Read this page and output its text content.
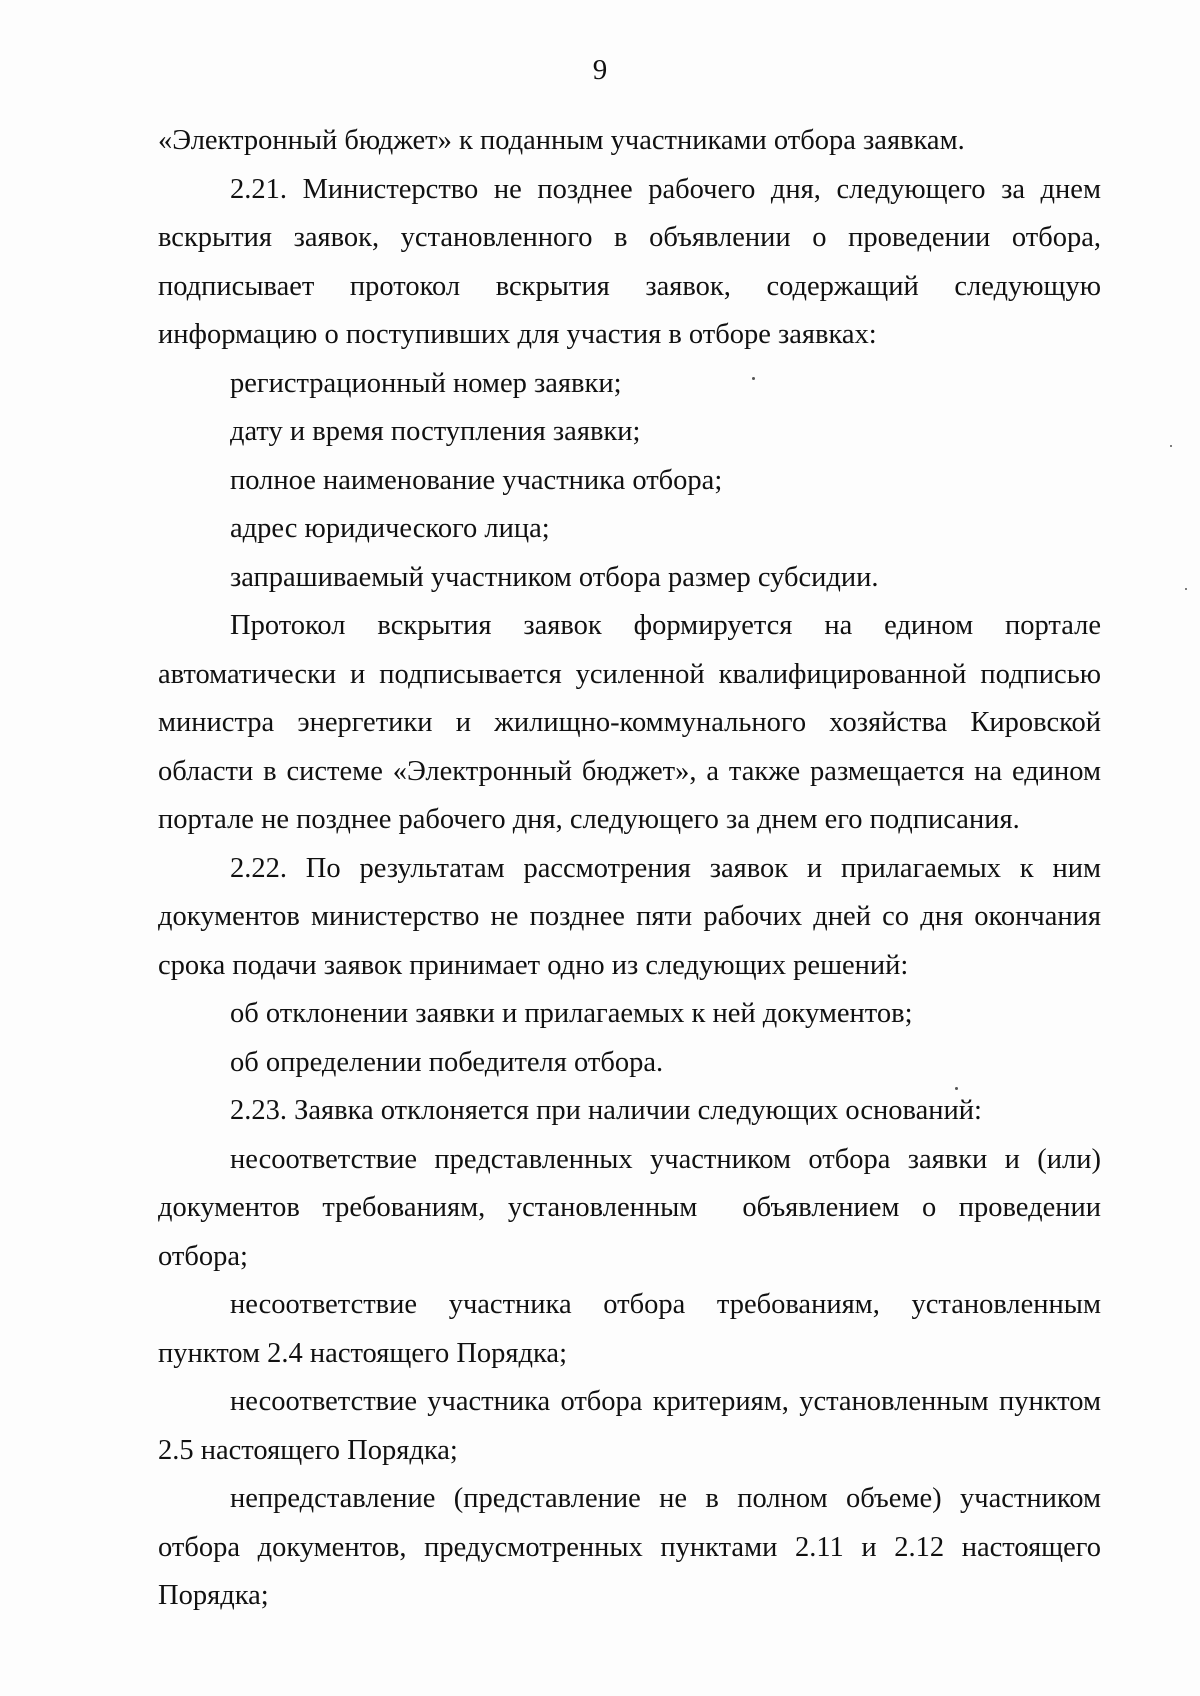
9

«Электронный бюджет» к поданным участниками отбора заявкам.

2.21. Министерство не позднее рабочего дня, следующего за днем вскрытия заявок, установленного в объявлении о проведении отбора, подписывает протокол вскрытия заявок, содержащий следующую информацию о поступивших для участия в отборе заявках:

регистрационный номер заявки;

дату и время поступления заявки;

полное наименование участника отбора;

адрес юридического лица;

запрашиваемый участником отбора размер субсидии.

Протокол вскрытия заявок формируется на едином портале автоматически и подписывается усиленной квалифицированной подписью министра энергетики и жилищно-коммунального хозяйства Кировской области в системе «Электронный бюджет», а также размещается на едином портале не позднее рабочего дня, следующего за днем его подписания.

2.22. По результатам рассмотрения заявок и прилагаемых к ним документов министерство не позднее пяти рабочих дней со дня окончания срока подачи заявок принимает одно из следующих решений:

об отклонении заявки и прилагаемых к ней документов;

об определении победителя отбора.

2.23. Заявка отклоняется при наличии следующих оснований:

несоответствие представленных участником отбора заявки и (или) документов требованиям, установленным  объявлением о проведении отбора;

несоответствие участника отбора требованиям, установленным пунктом 2.4 настоящего Порядка;

несоответствие участника отбора критериям, установленным пунктом 2.5 настоящего Порядка;

непредставление (представление не в полном объеме) участником отбора документов, предусмотренных пунктами 2.11 и 2.12 настоящего Порядка;
